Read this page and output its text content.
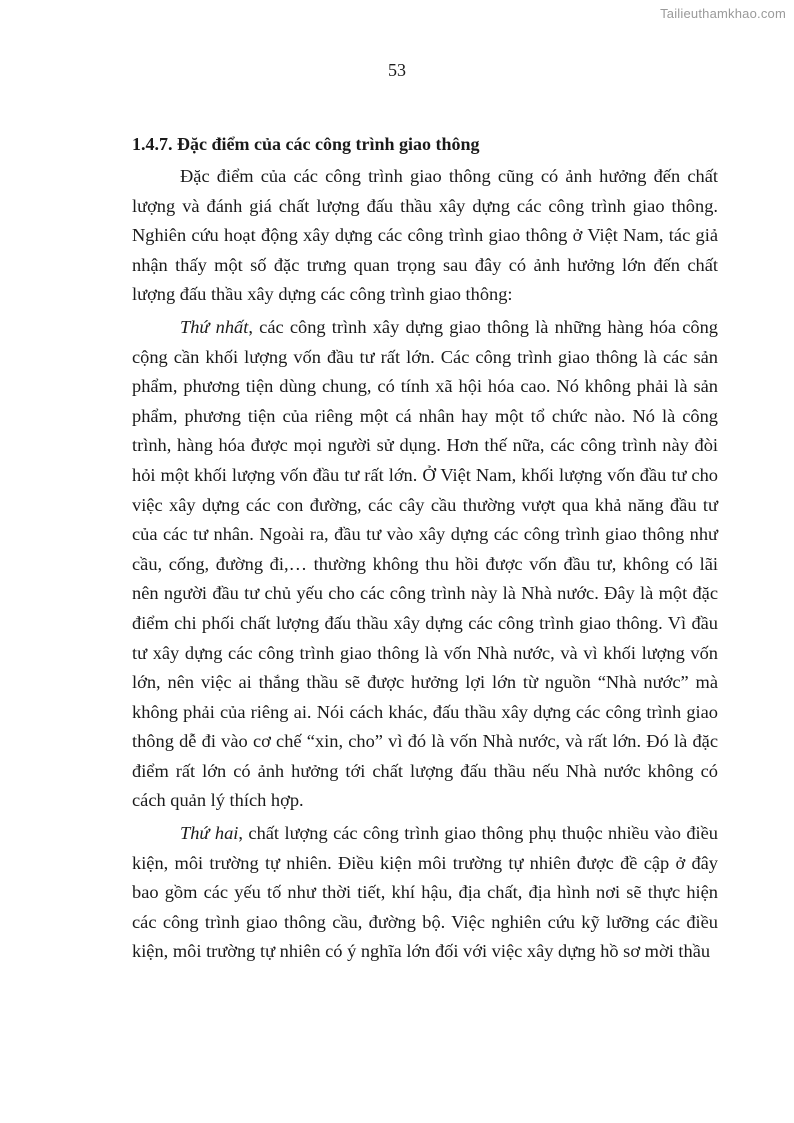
Tailieuthamkhao.com
53
1.4.7. Đặc điểm của các công trình giao thông

Đặc điểm của các công trình giao thông cũng có ảnh hưởng đến chất lượng và đánh giá chất lượng đấu thầu xây dựng các công trình giao thông. Nghiên cứu hoạt động xây dựng các công trình giao thông ở Việt Nam, tác giả nhận thấy một số đặc trưng quan trọng sau đây có ảnh hưởng lớn đến chất lượng đấu thầu xây dựng các công trình giao thông:

Thứ nhất, các công trình xây dựng giao thông là những hàng hóa công cộng cần khối lượng vốn đầu tư rất lớn. Các công trình giao thông là các sản phẩm, phương tiện dùng chung, có tính xã hội hóa cao. Nó không phải là sản phẩm, phương tiện của riêng một cá nhân hay một tổ chức nào. Nó là công trình, hàng hóa được mọi người sử dụng. Hơn thế nữa, các công trình này đòi hỏi một khối lượng vốn đầu tư rất lớn. Ở Việt Nam, khối lượng vốn đầu tư cho việc xây dựng các con đường, các cây cầu thường vượt qua khả năng đầu tư của các tư nhân. Ngoài ra, đầu tư vào xây dựng các công trình giao thông như cầu, cống, đường đi,… thường không thu hồi được vốn đầu tư, không có lãi nên người đầu tư chủ yếu cho các công trình này là Nhà nước. Đây là một đặc điểm chi phối chất lượng đấu thầu xây dựng các công trình giao thông. Vì đầu tư xây dựng các công trình giao thông là vốn Nhà nước, và vì khối lượng vốn lớn, nên việc ai thắng thầu sẽ được hưởng lợi lớn từ nguồn “Nhà nước” mà không phải của riêng ai. Nói cách khác, đấu thầu xây dựng các công trình giao thông dễ đi vào cơ chế “xin, cho” vì đó là vốn Nhà nước, và rất lớn. Đó là đặc điểm rất lớn có ảnh hưởng tới chất lượng đấu thầu nếu Nhà nước không có cách quản lý thích hợp.

Thứ hai, chất lượng các công trình giao thông phụ thuộc nhiều vào điều kiện, môi trường tự nhiên. Điều kiện môi trường tự nhiên được đề cập ở đây bao gồm các yếu tố như thời tiết, khí hậu, địa chất, địa hình nơi sẽ thực hiện các công trình giao thông cầu, đường bộ. Việc nghiên cứu kỹ lưỡng các điều kiện, môi trường tự nhiên có ý nghĩa lớn đối với việc xây dựng hồ sơ mời thầu
